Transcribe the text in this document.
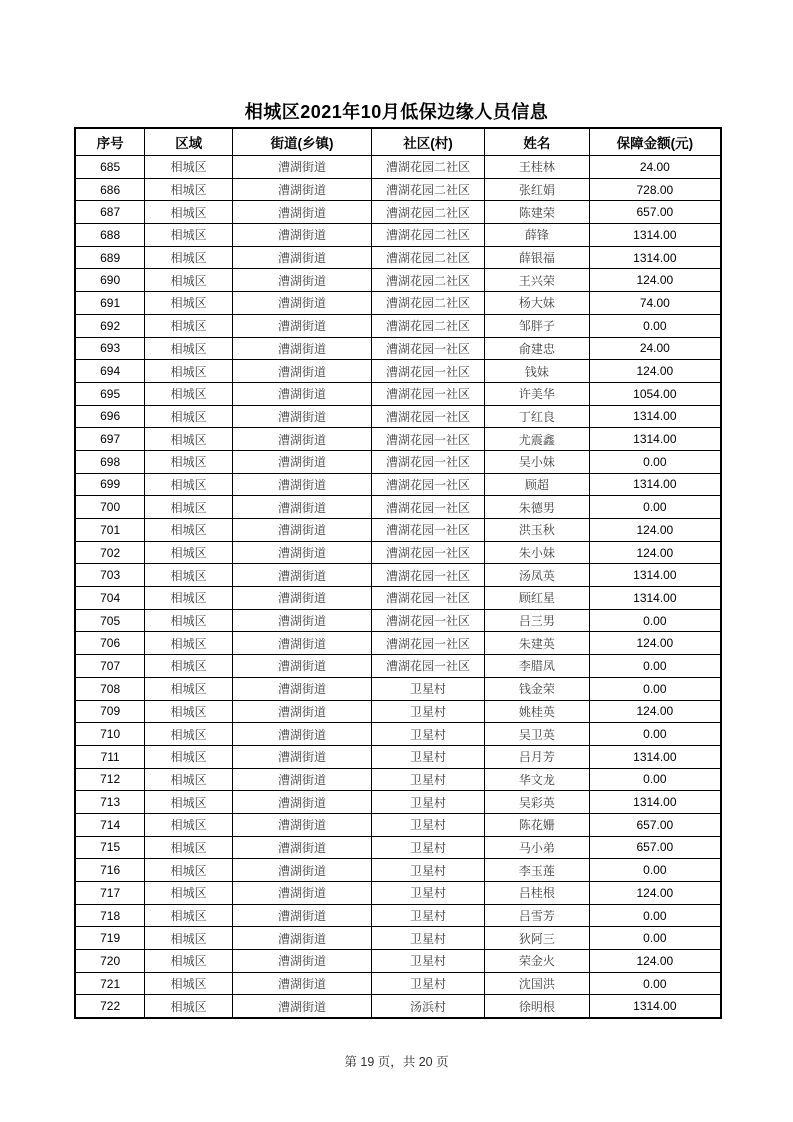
相城区2021年10月低保边缘人员信息
序号	区域	街道(乡镇)	社区(村)	姓名	保障金额(元)
685	相城区	漕湖街道	漕湖花园二社区	王桂林	24.00
686	相城区	漕湖街道	漕湖花园二社区	张红娟	728.00
687	相城区	漕湖街道	漕湖花园二社区	陈建荣	657.00
688	相城区	漕湖街道	漕湖花园二社区	薛锋	1314.00
689	相城区	漕湖街道	漕湖花园二社区	薛银福	1314.00
690	相城区	漕湖街道	漕湖花园二社区	王兴荣	124.00
691	相城区	漕湖街道	漕湖花园二社区	杨大妹	74.00
692	相城区	漕湖街道	漕湖花园二社区	邹胖子	0.00
693	相城区	漕湖街道	漕湖花园一社区	俞建忠	24.00
694	相城区	漕湖街道	漕湖花园一社区	钱妹	124.00
695	相城区	漕湖街道	漕湖花园一社区	许美华	1054.00
696	相城区	漕湖街道	漕湖花园一社区	丁红良	1314.00
697	相城区	漕湖街道	漕湖花园一社区	尤震鑫	1314.00
698	相城区	漕湖街道	漕湖花园一社区	吴小妹	0.00
699	相城区	漕湖街道	漕湖花园一社区	顾超	1314.00
700	相城区	漕湖街道	漕湖花园一社区	朱德男	0.00
701	相城区	漕湖街道	漕湖花园一社区	洪玉秋	124.00
702	相城区	漕湖街道	漕湖花园一社区	朱小妹	124.00
703	相城区	漕湖街道	漕湖花园一社区	汤凤英	1314.00
704	相城区	漕湖街道	漕湖花园一社区	顾红星	1314.00
705	相城区	漕湖街道	漕湖花园一社区	吕三男	0.00
706	相城区	漕湖街道	漕湖花园一社区	朱建英	124.00
707	相城区	漕湖街道	漕湖花园一社区	李腊凤	0.00
708	相城区	漕湖街道	卫星村	钱金荣	0.00
709	相城区	漕湖街道	卫星村	姚桂英	124.00
710	相城区	漕湖街道	卫星村	吴卫英	0.00
711	相城区	漕湖街道	卫星村	吕月芳	1314.00
712	相城区	漕湖街道	卫星村	华文龙	0.00
713	相城区	漕湖街道	卫星村	吴彩英	1314.00
714	相城区	漕湖街道	卫星村	陈花姗	657.00
715	相城区	漕湖街道	卫星村	马小弟	657.00
716	相城区	漕湖街道	卫星村	李玉莲	0.00
717	相城区	漕湖街道	卫星村	吕桂根	124.00
718	相城区	漕湖街道	卫星村	吕雪芳	0.00
719	相城区	漕湖街道	卫星村	狄阿三	0.00
720	相城区	漕湖街道	卫星村	荣金火	124.00
721	相城区	漕湖街道	卫星村	沈国洪	0.00
722	相城区	漕湖街道	汤浜村	徐明根	1314.00
第 19 页，共 20 页
